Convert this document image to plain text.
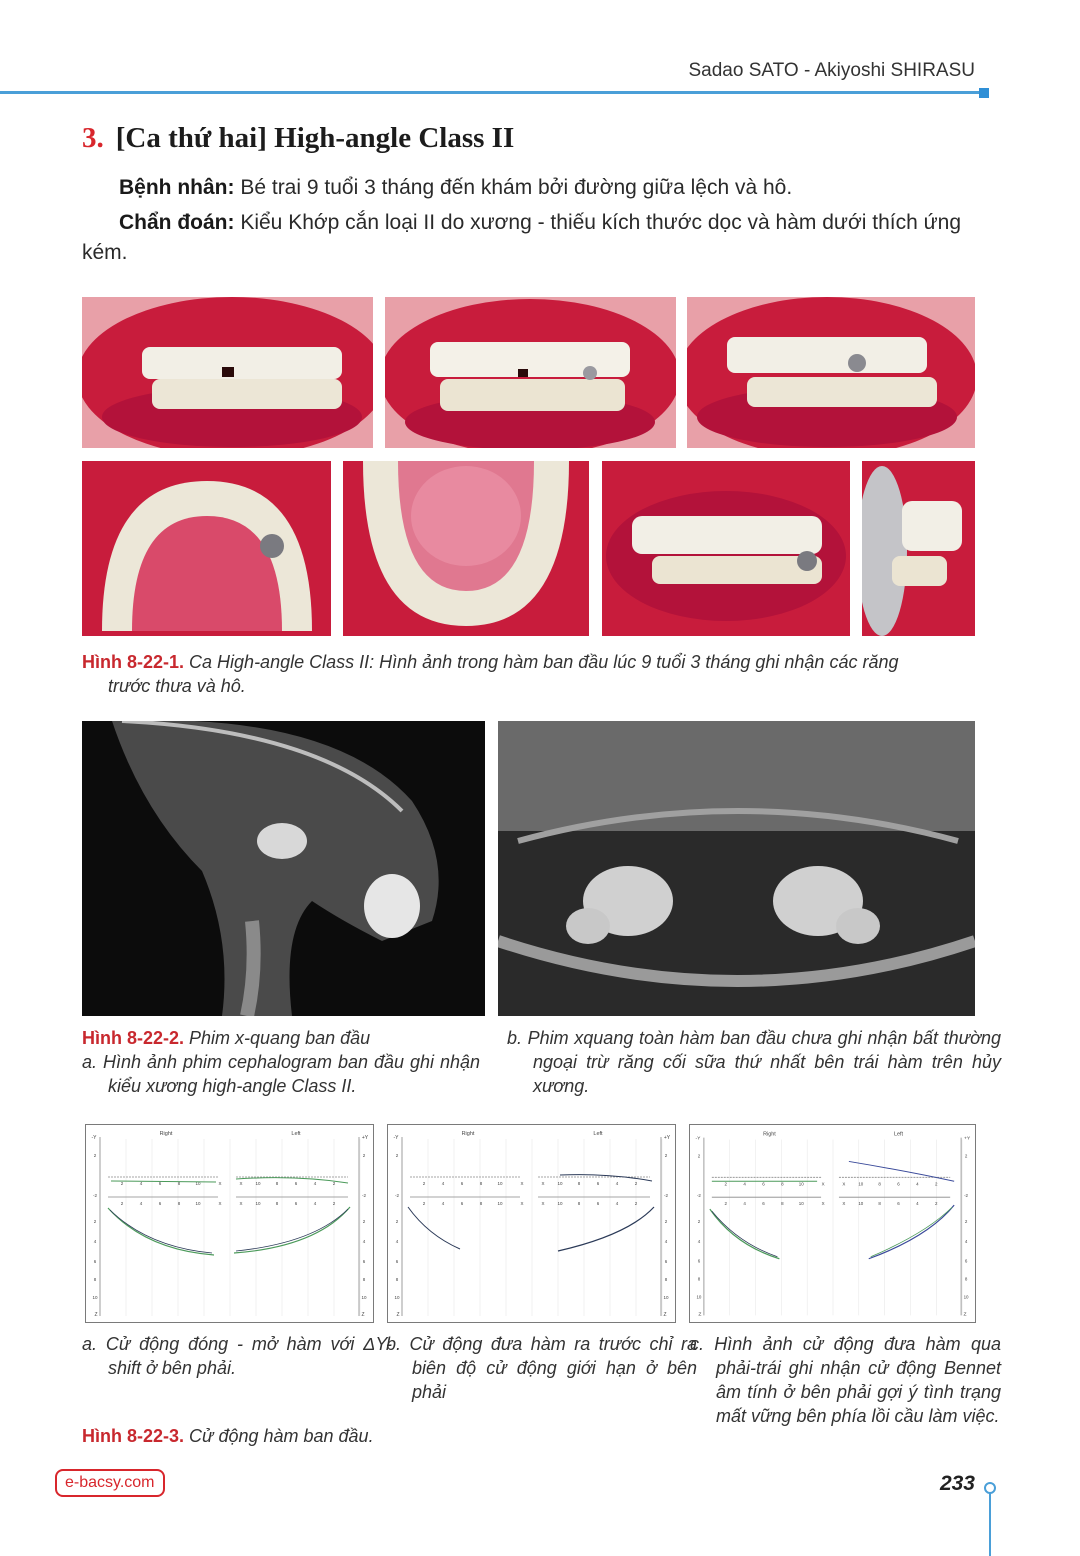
Sadao SATO - Akiyoshi SHIRASU
3. [Ca thứ hai] High-angle Class II
Bệnh nhân: Bé trai 9 tuổi 3 tháng đến khám bởi đường giữa lệch và hô.
Chẩn đoán: Kiểu Khớp cắn loại II do xương - thiếu kích thước dọc và hàm dưới thích ứng kém.
Hình 8-22-1. Ca High-angle Class II: Hình ảnh trong hàm ban đầu lúc 9 tuổi 3 tháng ghi nhận các răng
trước thưa và hô.
Hình 8-22-2. Phim x-quang ban đầu
a. Hình ảnh phim cephalogram ban đầu ghi nhận kiểu xương high-angle Class II.
b. Phim xquang toàn hàm ban đầu chưa ghi nhận bất thường ngoại trừ răng cối sữa thứ nhất bên trái hàm trên hủy xương.
-Y	+Y
Right	Left
Z	Z
2	2
-2	-2
2	2
4	4
6	6
8	8
10	10
2	4	6	8	10	X	X	10	8	6	4	2
2	4	6	8	10	X	X	10	8	6	4	2
-Y	+Y
Right	Left
Z	Z
2	2
-2	-2
2	2
4	4
6	6
8	8
10	10
2	4	6	8	10	X	X	10	8	6	4	2
2	4	6	8	10	X	X	10	8	6	4	2
-Y	+Y
Right	Left
Z	Z
2	2
-2	-2
2	2
4	4
6	6
8	8
10	10
2	4	6	8	10	X	X	10	8	6	4	2
2	4	6	8	10	X	X	10	8	6	4	2
a. Cử động đóng - mở hàm với ΔY-shift ở bên phải.
b. Cử động đưa hàm ra trước chỉ ra biên độ cử động giới hạn ở bên phải
c. Hình ảnh cử động đưa hàm qua phải-trái ghi nhận cử động Bennet âm tính ở bên phải gợi ý tình trạng mất vững bên phía lồi cầu làm việc.
Hình 8-22-3. Cử động hàm ban đầu.
e-bacsy.com	233
